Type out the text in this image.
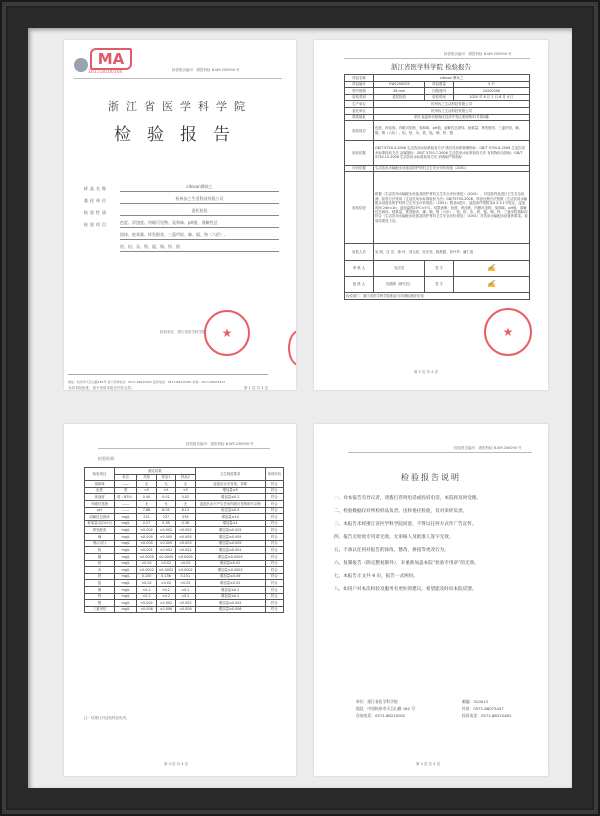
MA
161118100304	检验报告编号：浙医科检 B-WY-200090 号
浙江省医学科学院
检验报告
样品名称	citosan牌孩之
委托单位	杭州孩之生活科技有限公司
检验性质	委托检验
检验项目	色度、浑浊度、肉眼可见物、臭和味、pH值、溶解性总
固体、耗氧量、挥发酚类、三氯甲烷、砷、镉、铬（六价）、
铝、铅、汞、铁、锰、铜、锌、银
检验单位：浙江省医学科学院 ★
地址：杭州市天目山路182号 客户咨询电话：0571-88215002 投诉电话：0571-88215481 传真：0571-88075447
未经本院批准，部分采用本报告内容无效。	第 1 页 共 4 页
检验报告编号：浙医科检 B-WY-200090 号
浙江省医学科学院 检验报告
样品名称	citosan 牌孩之		
样品编号	Y-WJ-200025	样品数量	5 只
型号规格	28 mm	日期/批号	20200506
检验类别	委托检验	检验时间	2020 年 6 月 2 日-6 月 4 日
生产单位	杭州孩之生活科技有限公司		
委托单位	杭州孩之生活科技有限公司		
联系地址	浙江省温州市瓯海区经济开发区娄桥路31号第2幢		
检验项目	色度、浑浊度、肉眼可见物、臭和味、pH值、溶解性总固体、耗氧量、挥发酚类、三氯甲烷、砷、镉、铬（六价）、铝、铅、汞、铁、锰、铜、锌、银		
检验依据	GB/T 5750.4-2006 生活饮用水标准检验方法 感官性状和物理指标；GB/T 5750.6-2006 生活饮用水标准检验方法 金属指标；GB/T 5750.7-2006 生活饮用水标准检验方法 有机物综合指标；GB/T 5750.10-2006 生活饮用水标准检验方法 消毒副产物指标		
评价依据	生活饮用水输配水设备及防护材料卫生安全评价规范（2001）		
检验结论	根据《生活饮用水输配水设备及防护材料卫生安全评价规范》（2001），对送检样品进行卫生安全检测。检验方法采用《生活饮用水标准检验方法》GB/T5750-2006，样品处理方法按照《生活饮用水输配水设备及防护材料卫生安全评价规范》（2001）附录A进行，浸泡条件按附录A 3.3.1节规定，浸泡时间 24h±1h，浸泡温度25℃±5℃。结果表明：色度、浑浊度、肉眼可见物、臭和味、pH值、溶解性总固体、耗氧量、挥发酚类、砷、镉、铬（六价）、铝、铅、汞、铁、锰、铜、锌、三氯甲烷指标均符合《生活饮用水输配水设备及防护材料卫生安全评价规范》（2001）对饮用水输配水设备的要求。检验结果见下页。		
检验人员	吴 明、沈 宏、徐 叶、刘文滨、吴宏亮、姚燕霞、刘丹华、潘仁清		
审 核 人	吴宏亮	签 字	✍
批 准 人	吴燕刚（研究员）	签 字	✍
检验部门：浙江省医学科学院职业与环境检测评价室			
★
第 2 页 共 4 页
检验报告编号：浙医科检 B-WY-200090 号
检验结果：
检验项目	测定结果				卫生规范要求	单项评价
	单位	对照	样品1	样品2		
臭和味	——	无	无	无	浸泡后水无异臭、异味	符合
色度	度	<5	<5	<5	增加量≤5	符合
浑浊度	度（NTU）	0.40	0.01	0.02	增加量≤0.2	符合
肉眼可见物	——	无	无	无	浸泡后水不产生任何肉眼可见的碎片杂物	符合
pH	——	7.88	8.05	8.13	改变量≤0.5	符合
溶解性总固体	mg/L	231	237	239	增加量≤10	符合
耗氧量(以O2计)	mg/L	0.27	0.38	0.36	增加量≤1	符合
挥发酚类	mg/L	<0.002	<0.002	<0.002	增加量≤0.002	符合
砷	mg/L	<0.005	<0.005	<0.005	增加量≤0.005	符合
铬(六价)	mg/L	<0.005	<0.005	<0.005	增加量≤0.005	符合
铝	mg/L	<0.001	<0.001	<0.001	增加量≤0.001	符合
镉	mg/L	<0.0005	<0.0005	<0.0005	增加量≤0.0005	符合
铅	mg/L	<0.02	<0.02	<0.02	增加量≤0.02	符合
汞	mg/L	<0.0002	<0.0002	<0.0002	增加量≤0.0002	符合
铁	mg/L	0.100	0.136	0.151	增加量≤0.06	符合
锰	mg/L	<0.02	<0.02	<0.02	增加量≤0.02	符合
铜	mg/L	<0.2	<0.2	<0.2	增加量≤0.2	符合
锌	mg/L	<0.2	<0.2	<0.2	增加量≤0.2	符合
银	mg/L	<0.002	<0.002	<0.002	增加量≤0.002	符合
三氯甲烷	mg/L	<0.006	<0.006	<0.006	增加量≤0.006	符合
注：结果仅对送检样品负责。
第 3 页 共 4 页
检验报告编号：浙医科检 B-WY-200090 号
检验报告说明
一、对本报告有异议者，请拨打咨询电话或投诉电话，本院将及时受理。
二、检验数据仅对所检样品负责。送样委托检验，仅对来样负责。
三、本报告未经浙江省医学科学院同意，不得以任何方式作广告宣传。
四、报告无检验专用章无效，无审核人及批准人签字无效。
五、不承认任何对报告的涂改、篡改、拼接等更改行为。
六、复制报告（除完整复制外），未重新加盖本院“检验专用章”的无效。
七、本报告正文共 4 页，报告一式两份。
八、如用户对本次检验及服务有更好的建议，希望能及时向本院反馈。
单位：浙江省医学科学院
地址：中国杭州市天目山路 182 号
咨询电话：0571-88215002
邮编：310013
传真：0571-88075447
投诉电话：0571-88215481
第 4 页 共 4 页
